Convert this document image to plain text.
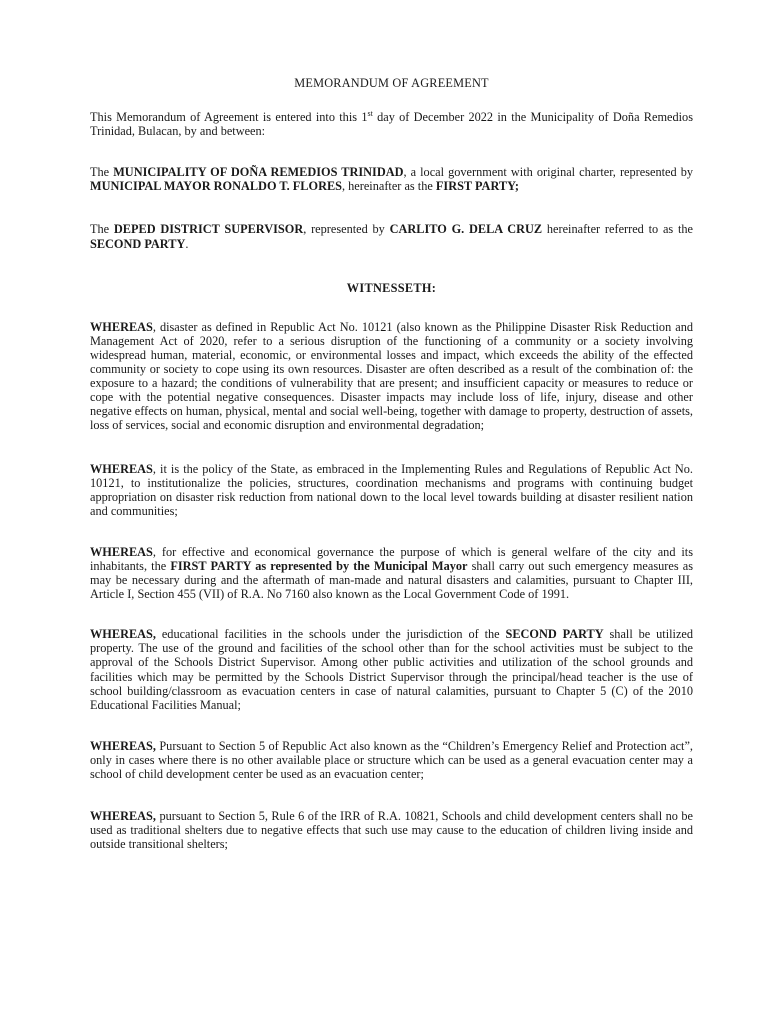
MEMORANDUM OF AGREEMENT

This Memorandum of Agreement is entered into this 1st day of December 2022 in the Municipality of Doña Remedios Trinidad, Bulacan, by and between:

The MUNICIPALITY OF DOÑA REMEDIOS TRINIDAD, a local government with original charter, represented by MUNICIPAL MAYOR RONALDO T. FLORES, hereinafter as the FIRST PARTY;

The DEPED DISTRICT SUPERVISOR, represented by CARLITO G. DELA CRUZ hereinafter referred to as the SECOND PARTY.

WITNESSETH:

WHEREAS, disaster as defined in Republic Act No. 10121 (also known as the Philippine Disaster Risk Reduction and Management Act of 2020, refer to a serious disruption of the functioning of a community or a society involving widespread human, material, economic, or environmental losses and impact, which exceeds the ability of the effected community or society to cope using its own resources. Disaster are often described as a result of the combination of: the exposure to a hazard; the conditions of vulnerability that are present; and insufficient capacity or measures to reduce or cope with the potential negative consequences. Disaster impacts may include loss of life, injury, disease and other negative effects on human, physical, mental and social well-being, together with damage to property, destruction of assets, loss of services, social and economic disruption and environmental degradation;

WHEREAS, it is the policy of the State, as embraced in the Implementing Rules and Regulations of Republic Act No. 10121, to institutionalize the policies, structures, coordination mechanisms and programs with continuing budget appropriation on disaster risk reduction from national down to the local level towards building at disaster resilient nation and communities;

WHEREAS, for effective and economical governance the purpose of which is general welfare of the city and its inhabitants, the FIRST PARTY as represented by the Municipal Mayor shall carry out such emergency measures as may be necessary during and the aftermath of man-made and natural disasters and calamities, pursuant to Chapter III, Article I, Section 455 (VII) of R.A. No 7160 also known as the Local Government Code of 1991.

WHEREAS, educational facilities in the schools under the jurisdiction of the SECOND PARTY shall be utilized property. The use of the ground and facilities of the school other than for the school activities must be subject to the approval of the Schools District Supervisor. Among other public activities and utilization of the school grounds and facilities which may be permitted by the Schools District Supervisor through the principal/head teacher is the use of school building/classroom as evacuation centers in case of natural calamities, pursuant to Chapter 5 (C) of the 2010 Educational Facilities Manual;

WHEREAS, Pursuant to Section 5 of Republic Act also known as the “Children’s Emergency Relief and Protection act”, only in cases where there is no other available place or structure which can be used as a general evacuation center may a school of child development center be used as an evacuation center;

WHEREAS, pursuant to Section 5, Rule 6 of the IRR of R.A. 10821, Schools and child development centers shall no be used as traditional shelters due to negative effects that such use may cause to the education of children living inside and outside transitional shelters;
